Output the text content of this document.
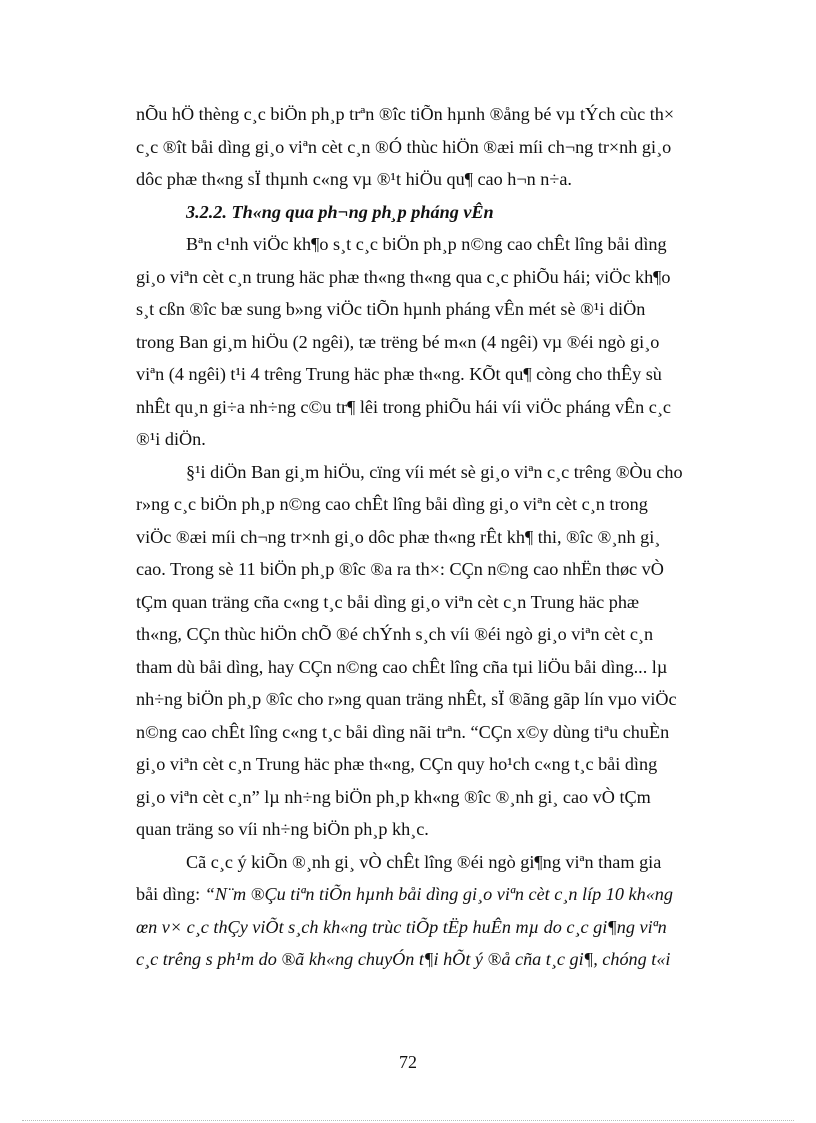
nÕu hÖ thèng c¸c biÖn ph¸p trªn ®îc tiÕn hµnh ®ång bé vµ tÝch cùc th×
c¸c ®ît båi dìng gi¸o viªn cèt c¸n ®Ó thùc hiÖn ®æi míi ch¬ng tr×nh gi¸o
dôc phæ th«ng sÏ thµnh c«ng vµ ®¹t hiÖu qu¶ cao h¬n n÷a.
3.2.2. Th«ng qua ph¬ng ph¸p pháng vÊn
Bªn c¹nh viÖc kh¶o s¸t c¸c biÖn ph¸p n©ng cao chÊt lîng båi dìng
gi¸o viªn cèt c¸n trung häc phæ th«ng th«ng qua c¸c phiÕu hái; viÖc kh¶o
s¸t cßn ®îc bæ sung b»ng viÖc tiÕn hµnh pháng vÊn mét sè ®¹i diÖn
trong Ban gi¸m hiÖu (2 ngêi), tæ trëng bé m«n (4 ngêi) vµ ®éi ngò gi¸o
viªn (4 ngêi) t¹i 4 trêng Trung häc phæ th«ng. KÕt qu¶ còng cho thÊy sù
nhÊt qu¸n gi÷a nh÷ng c©u tr¶ lêi trong phiÕu hái víi viÖc pháng vÊn c¸c
®¹i diÖn.
§¹i diÖn Ban gi¸m hiÖu, cïng víi mét sè gi¸o viªn c¸c trêng ®Òu cho
r»ng c¸c biÖn ph¸p n©ng cao chÊt lîng båi dìng gi¸o viªn cèt c¸n trong
viÖc ®æi míi ch¬ng tr×nh gi¸o dôc phæ th«ng rÊt kh¶ thi, ®îc ®¸nh gi¸
cao. Trong sè 11 biÖn ph¸p ®îc ®a ra th×: CÇn n©ng cao nhËn thøc vÒ
tÇm quan träng cña c«ng t¸c båi dìng gi¸o viªn cèt c¸n Trung häc phæ
th«ng, CÇn thùc hiÖn chÕ ®é chÝnh s¸ch víi ®éi ngò gi¸o viªn cèt c¸n
tham dù båi dìng, hay CÇn n©ng cao chÊt lîng cña tµi liÖu båi dìng... lµ
nh÷ng biÖn ph¸p ®îc cho r»ng quan träng nhÊt, sÏ ®ãng gãp lín vµo viÖc
n©ng cao chÊt lîng c«ng t¸c båi dìng nãi trªn. “CÇn x©y dùng tiªu chuÈn
gi¸o viªn cèt c¸n Trung häc phæ th«ng, CÇn quy ho¹ch c«ng t¸c båi dìng
gi¸o viªn cèt c¸n” lµ nh÷ng biÖn ph¸p kh«ng ®îc ®¸nh gi¸ cao vÒ tÇm
quan träng so víi nh÷ng biÖn ph¸p kh¸c.
Cã c¸c ý kiÕn ®¸nh gi¸ vÒ chÊt lîng ®éi ngò gi¶ng viªn tham gia
båi dìng: “N¨m ®Çu tiªn tiÕn hµnh båi dìng gi¸o viªn cèt c¸n líp 10 kh«ng
œn v× c¸c thÇy viÕt s¸ch kh«ng trùc tiÕp tËp huÊn mµ do c¸c gi¶ng viªn
c¸c trêng s ph¹m do ®ã kh«ng chuyÓn t¶i hÕt ý ®å cña t¸c gi¶, chóng t«i
72
